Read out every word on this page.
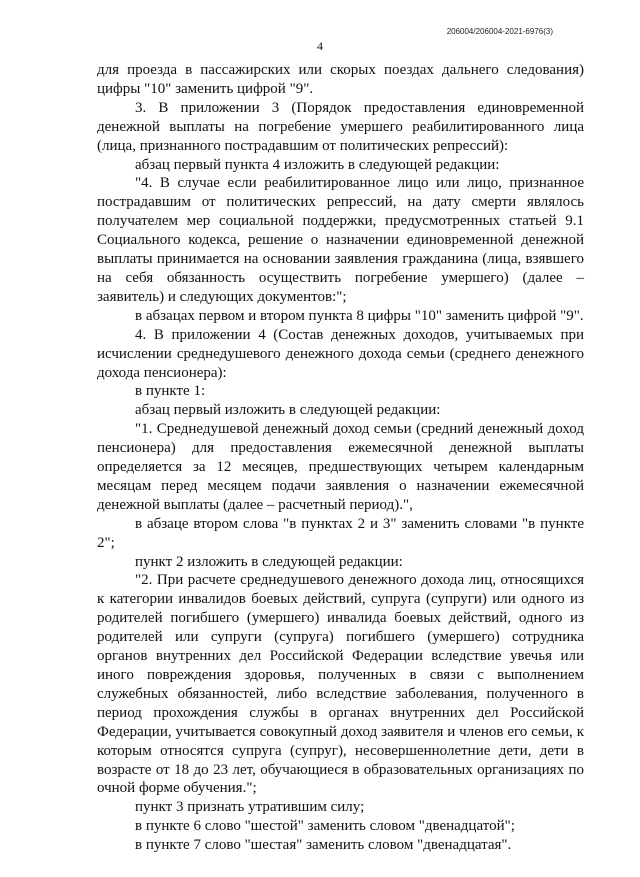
206004/206004-2021-6976(3)
4

для проезда в пассажирских или скорых поездах дальнего следования) цифры "10" заменить цифрой "9".

3. В приложении 3 (Порядок предоставления единовременной денежной выплаты на погребение умершего реабилитированного лица (лица, признанного пострадавшим от политических репрессий):

абзац первый пункта 4 изложить в следующей редакции:

"4. В случае если реабилитированное лицо или лицо, признанное пострадавшим от политических репрессий, на дату смерти являлось получателем мер социальной поддержки, предусмотренных статьей 9.1 Социального кодекса, решение о назначении единовременной денежной выплаты принимается на основании заявления гражданина (лица, взявшего на себя обязанность осуществить погребение умершего) (далее – заявитель) и следующих документов:";

в абзацах первом и втором пункта 8 цифры "10" заменить цифрой "9".

4. В приложении 4 (Состав денежных доходов, учитываемых при исчислении среднедушевого денежного дохода семьи (среднего денежного дохода пенсионера):

в пункте 1:

абзац первый изложить в следующей редакции:

"1. Среднедушевой денежный доход семьи (средний денежный доход пенсионера) для предоставления ежемесячной денежной выплаты определяется за 12 месяцев, предшествующих четырем календарным месяцам перед месяцем подачи заявления о назначении ежемесячной денежной выплаты (далее – расчетный период).",

в абзаце втором слова "в пунктах 2 и 3" заменить словами "в пункте 2";

пункт 2 изложить в следующей редакции:

"2. При расчете среднедушевого денежного дохода лиц, относящихся к категории инвалидов боевых действий, супруга (супруги) или одного из родителей погибшего (умершего) инвалида боевых действий, одного из родителей или супруги (супруга) погибшего (умершего) сотрудника органов внутренних дел Российской Федерации вследствие увечья или иного повреждения здоровья, полученных в связи с выполнением служебных обязанностей, либо вследствие заболевания, полученного в период прохождения службы в органах внутренних дел Российской Федерации, учитывается совокупный доход заявителя и членов его семьи, к которым относятся супруга (супруг), несовершеннолетние дети, дети в возрасте от 18 до 23 лет, обучающиеся в образовательных организациях по очной форме обучения.";

пункт 3 признать утратившим силу;

в пункте 6 слово "шестой" заменить словом "двенадцатой";

в пункте 7 слово "шестая" заменить словом "двенадцатая".
